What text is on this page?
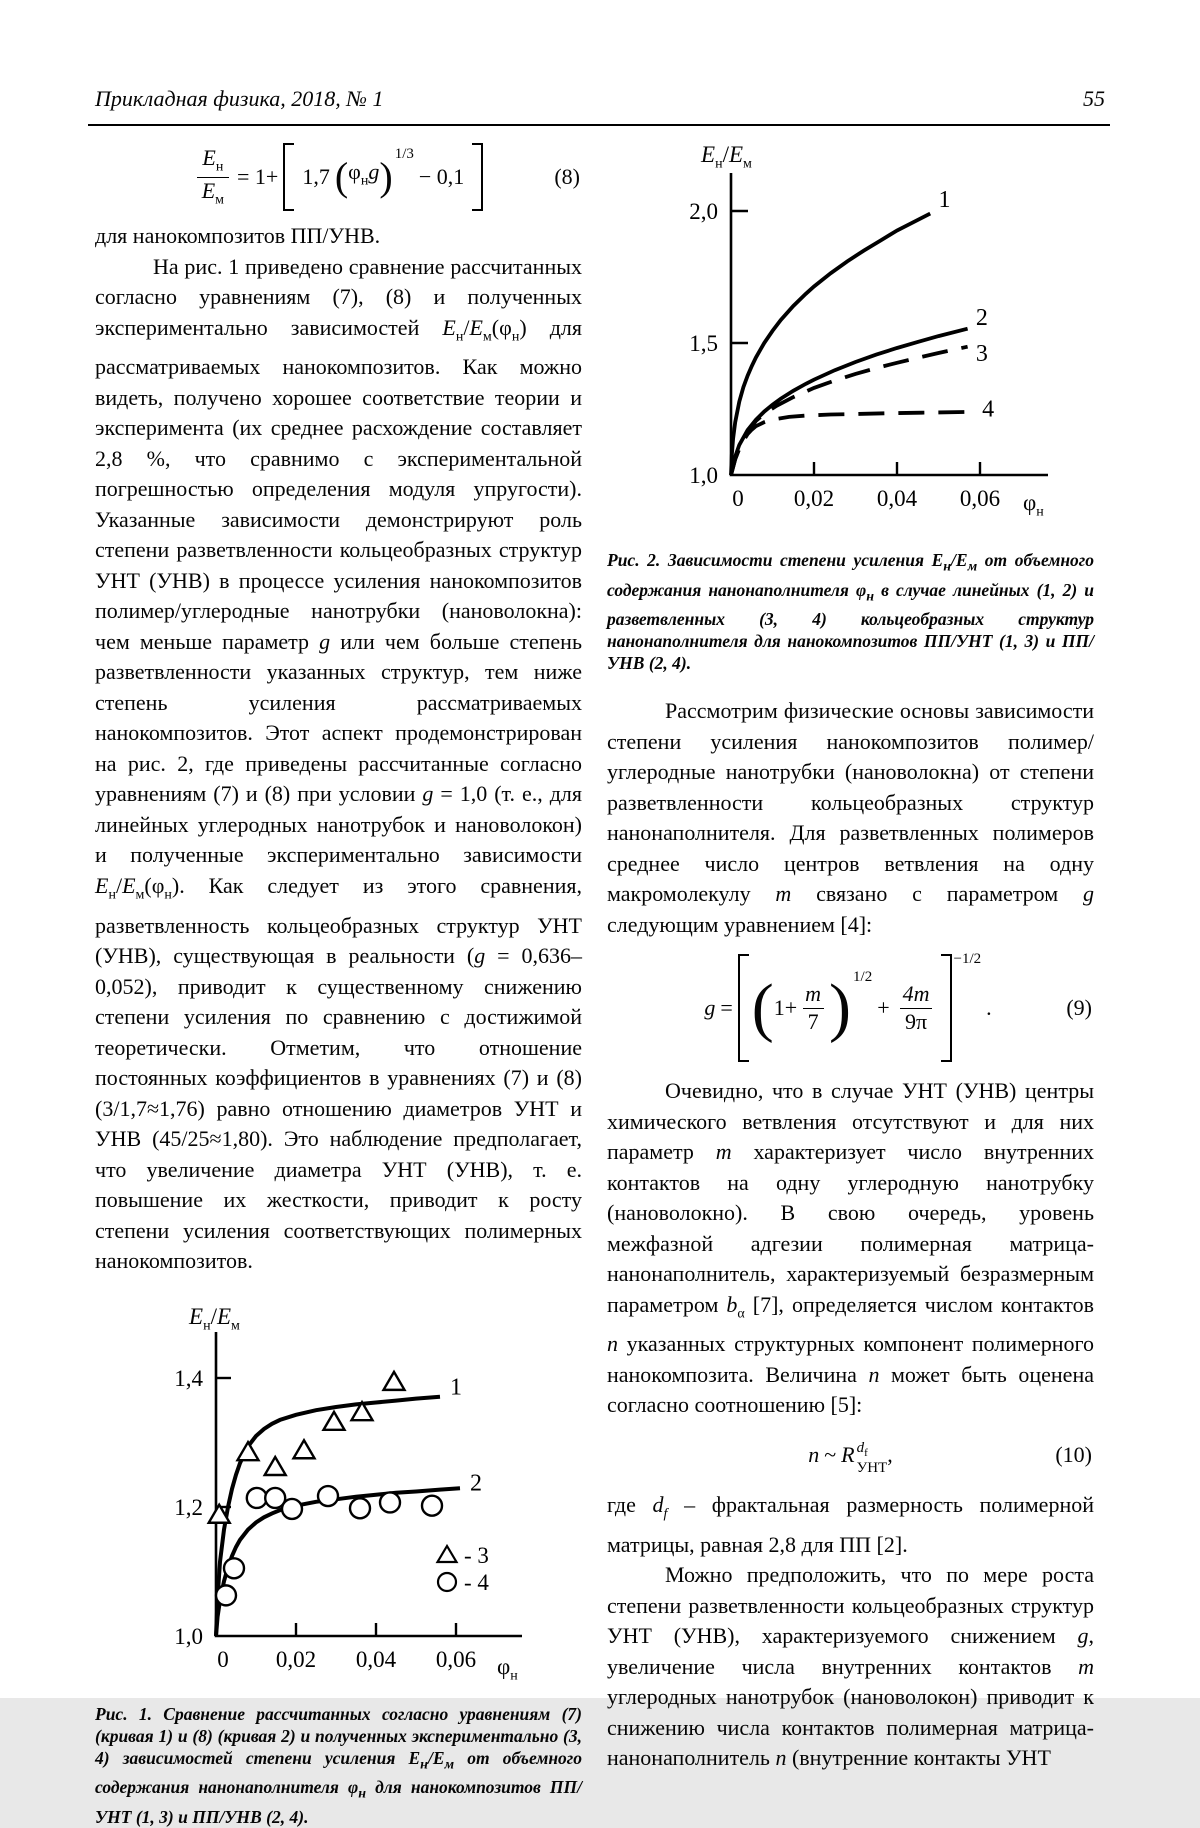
Прикладная физика, 2018, № 1	55
$\frac{E_н}{E_м} = 1+ 1,7$ ( $\varphi_нg$ )$^{1/3}$
− 0,1	(8)

для нанокомпозитов ПП/УНВ.

На рис. 1 приведено сравнение рассчитанных согласно уравнениям (7), (8) и полученных экспериментально зависимостей $E_н/E_м(\varphi_н)$ для рассматриваемых нанокомпозитов. Как можно видеть, получено хорошее соответствие теории и эксперимента (их среднее расхождение составляет 2,8 %, что сравнимо с экспериментальной погрешностью определения модуля упругости). Указанные зависимости демонстрируют роль степени разветвленности кольцеобразных структур УНТ (УНВ) в процессе усиления нанокомпозитов полимер/углеродные нанотрубки (нановолокна): чем меньше параметр g или чем больше степень разветвленности указанных структур, тем ниже степень усиления рассматриваемых нанокомпозитов. Этот аспект продемонстрирован на рис. 2, где приведены рассчитанные согласно уравнениям (7) и (8) при условии g = 1,0 (т. е., для линейных углеродных нанотрубок и нановолокон) и полученные экспериментально зависимости $E_н/E_м(\varphi_н)$. Как следует из этого сравнения, разветвленность кольцеобразных структур УНТ (УНВ), существующая в реальности (g = 0,636–0,052), приводит к существенному снижению степени усиления по сравнению с достижимой теоретически. Отметим, что отношение постоянных коэффициентов в уравнениях (7) и (8) (3/1,7≈1,76) равно отношению диаметров УНТ и УНВ (45/25≈1,80). Это наблюдение предполагает, что увеличение диаметра УНТ (УНВ), т. е. повышение их жесткости, приводит к росту степени усиления соответствующих полимерных нанокомпозитов.

$E_н/E_м$
$\varphi_н$
1,0
1,2
1,4
0 0,02 0,04 0,06
1
2
- 3
- 4

Рис. 1. Сравнение рассчитанных согласно уравнениям (7) (кривая 1) и (8) (кривая 2) и полученных экспериментально (3, 4) зависимостей степени усиления $E_н/E_м$ от объемного содержания нанонаполнителя $\varphi_н$ для нанокомпозитов ПП/УНТ (1, 3) и ПП/УНВ (2, 4).

$E_н/E_м$
$\varphi_н$
1,0
1,5
2,0
0 0,02 0,04 0,06
1
2
3
4

Рис. 2. Зависимости степени усиления $E_н/E_м$ от объемного содержания нанонаполнителя $\varphi_н$ в случае линейных (1, 2) и разветвленных (3, 4) кольцеобразных структур нанонаполнителя для нанокомпозитов ПП/УНТ (1, 3) и ПП/УНВ (2, 4).

Рассмотрим физические основы зависимости степени усиления нанокомпозитов полимер/углеродные нанотрубки (нановолокна) от степени разветвленности кольцеобразных структур нанонаполнителя. Для разветвленных полимеров среднее число центров ветвления на одну макромолекулу m связано с параметром g следующим уравнением [4]:

g = ( $1+ \frac{m}{7} )^{1/2}$
+ $\frac{4m}{9\pi}$
$^{-1/2}$
.	(9)

Очевидно, что в случае УНТ (УНВ) центры химического ветвления отсутствуют и для них параметр m характеризует число внутренних контактов на одну углеродную нанотрубку (нановолокно). В свою очередь, уровень межфазной адгезии полимерная матрица-нанонаполнитель, характеризуемый безразмерным параметром $b_\alpha$ [7], определяется числом контактов n указанных структурных компонент полимерного нанокомпозита. Величина n может быть оценена согласно соотношению [5]:

n ~ R $d_f$
УНТ
,	(10)

где $d_f$ – фрактальная размерность полимерной матрицы, равная 2,8 для ПП [2].

Можно предположить, что по мере роста степени разветвленности кольцеобразных структур УНТ (УНВ), характеризуемого снижением g, увеличение числа внутренних контактов m углеродных нанотрубок (нановолокон) приводит к снижению числа контактов полимерная матрица-нанонаполнитель n (внутренние контакты УНТ
